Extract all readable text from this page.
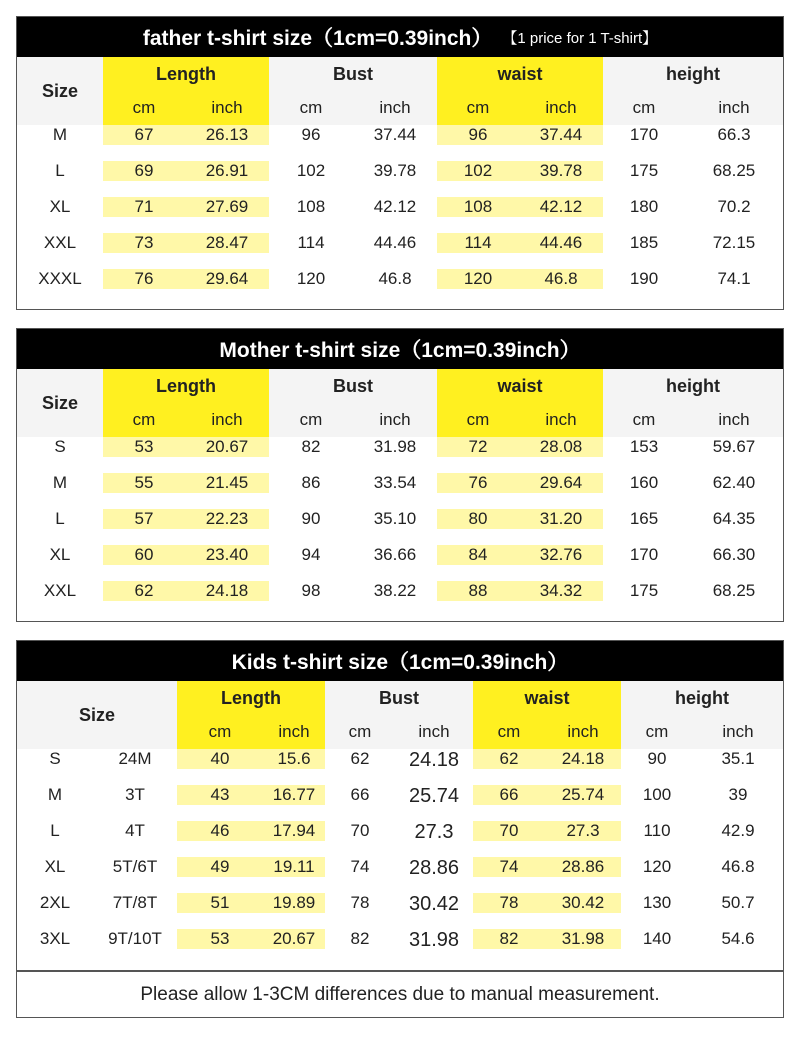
father t-shirt size（1cm=0.39inch） 【1 price for 1 T-shirt】
Size
Length
cm	inch
Bust
cm	inch
waist
cm	inch
height
cm	inch
M	67	26.13	96	37.44	96	37.44	170	66.3
L	69	26.91	102	39.78	102	39.78	175	68.25
XL	71	27.69	108	42.12	108	42.12	180	70.2
XXL	73	28.47	114	44.46	114	44.46	185	72.15
XXXL	76	29.64	120	46.8	120	46.8	190	74.1
Mother t-shirt size（1cm=0.39inch）
Size
Length
cm	inch
Bust
cm	inch
waist
cm	inch
height
cm	inch
S	53	20.67	82	31.98	72	28.08	153	59.67
M	55	21.45	86	33.54	76	29.64	160	62.40
L	57	22.23	90	35.10	80	31.20	165	64.35
XL	60	23.40	94	36.66	84	32.76	170	66.30
XXL	62	24.18	98	38.22	88	34.32	175	68.25
Kids t-shirt size（1cm=0.39inch）
Size
Length
cm	inch
Bust
cm	inch
waist
cm	inch
height
cm	inch
S	24M	40	15.6	62	24.18	62	24.18	90	35.1
M	3T	43	16.77	66	25.74	66	25.74	100	39
L	4T	46	17.94	70	27.3	70	27.3	110	42.9
XL	5T/6T	49	19.11	74	28.86	74	28.86	120	46.8
2XL	7T/8T	51	19.89	78	30.42	78	30.42	130	50.7
3XL	9T/10T	53	20.67	82	31.98	82	31.98	140	54.6
Please allow 1-3CM differences due to manual measurement.
